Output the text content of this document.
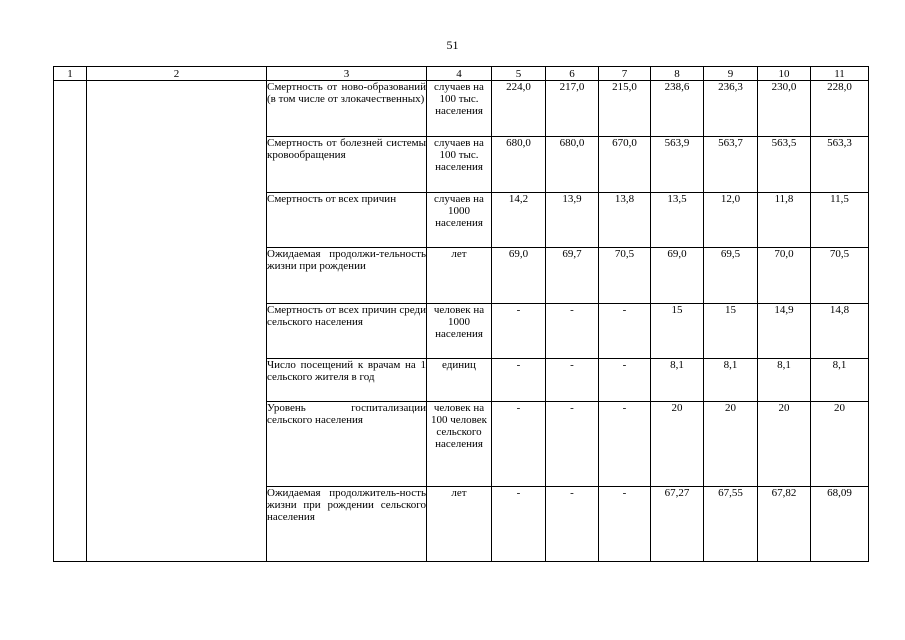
51
1	2	3	4	5	6	7	8	9	10	11
		Смертность от ново-образований (в том числе от злокачественных)	случаев на 100 тыс. населения	224,0	217,0	215,0	238,6	236,3	230,0	228,0
		Смертность от болезней системы кровообращения	случаев на 100 тыс. населения	680,0	680,0	670,0	563,9	563,7	563,5	563,3
		Смертность от всех причин	случаев на 1000 населения	14,2	13,9	13,8	13,5	12,0	11,8	11,5
		Ожидаемая продолжи-тельность жизни при рождении	лет	69,0	69,7	70,5	69,0	69,5	70,0	70,5
		Смертность от всех причин среди сельского населения	человек на 1000 населения	-	-	-	15	15	14,9	14,8
		Число посещений к врачам на 1 сельского жителя в год	единиц	-	-	-	8,1	8,1	8,1	8,1
		Уровень госпитализации сельского населения	человек на 100 человек сельского населения	-	-	-	20	20	20	20
		Ожидаемая продолжитель-ность жизни при рождении сельского населения	лет	-	-	-	67,27	67,55	67,82	68,09
